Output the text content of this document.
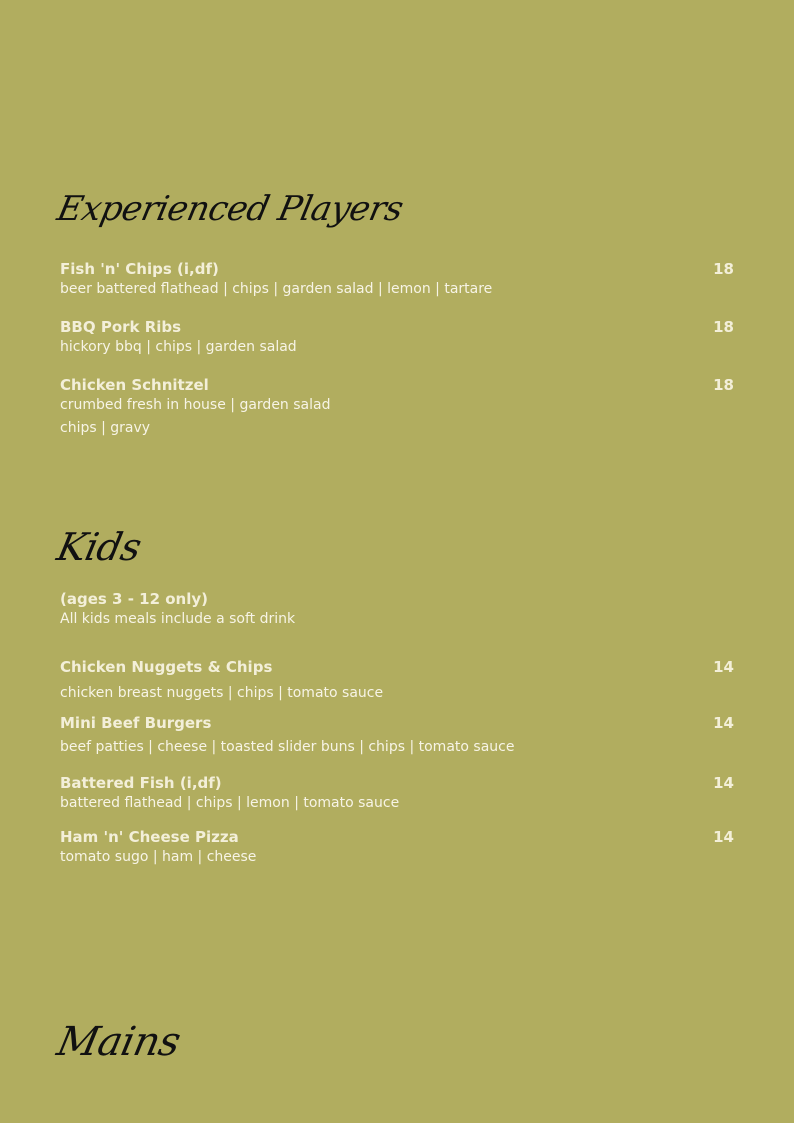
Experienced Players
Fish 'n' Chips (i,df)	18
beer battered flathead | chips | garden salad | lemon | tartare
BBQ Pork Ribs	18
hickory bbq | chips | garden salad
Chicken Schnitzel	18
crumbed fresh in house | garden salad
chips | gravy
Kids
(ages 3 - 12 only)
All kids meals include a soft drink
Chicken Nuggets & Chips	14
chicken breast nuggets | chips | tomato sauce
Mini Beef Burgers	14
beef patties | cheese | toasted slider buns | chips | tomato sauce
Battered Fish (i,df)	14
battered flathead | chips | lemon | tomato sauce
Ham 'n' Cheese Pizza	14
tomato sugo | ham | cheese
Mains
